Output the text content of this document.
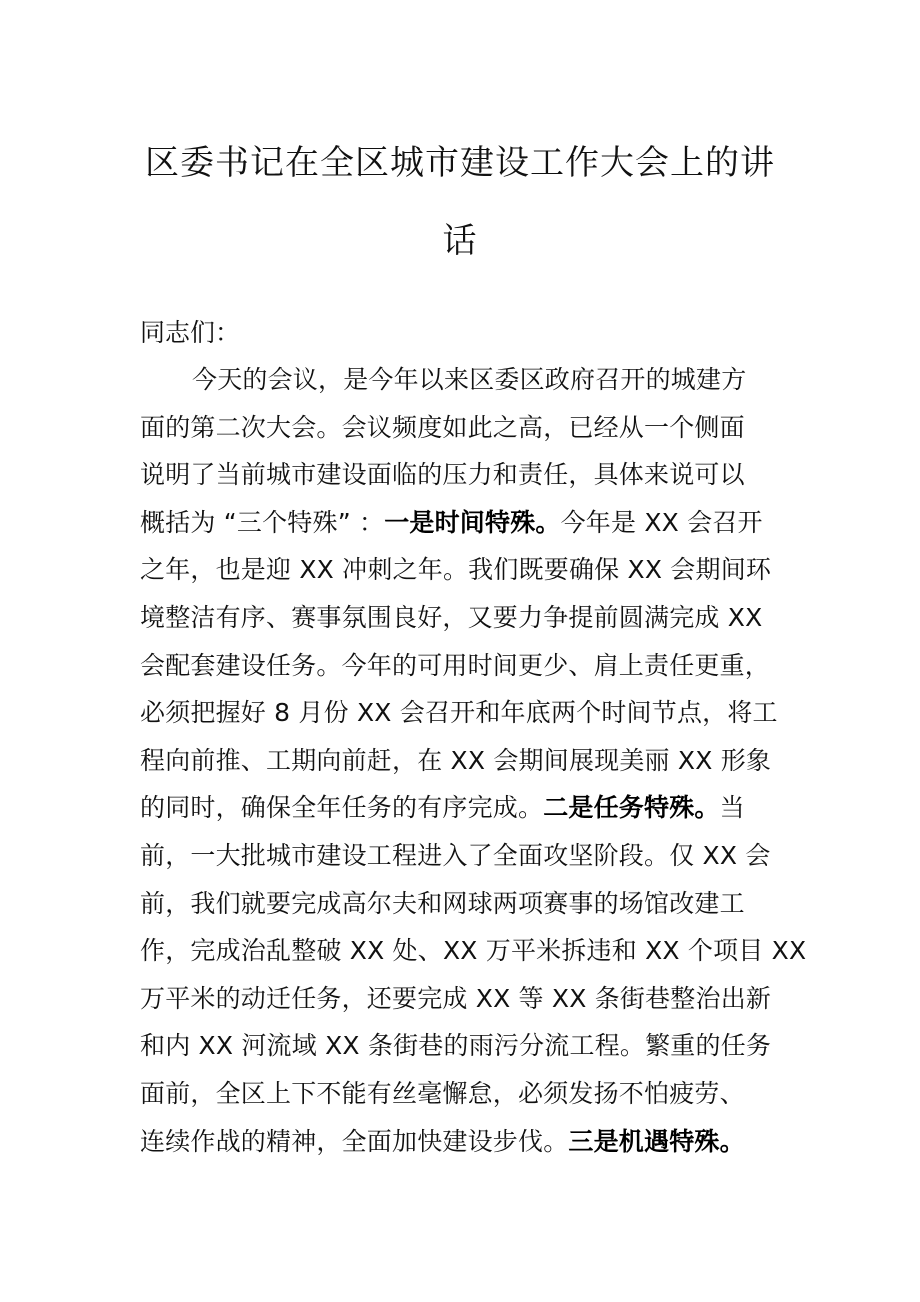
区委书记在全区城市建设工作大会上的讲
话

同志们：

今天的会议，是今年以来区委区政府召开的城建方
面的第二次大会。会议频度如此之高，已经从一个侧面
说明了当前城市建设面临的压力和责任，具体来说可以
概括为 “三个特殊” ：一是时间特殊。今年是 XX 会召开
之年，也是迎 XX 冲刺之年。我们既要确保 XX 会期间环
境整洁有序、赛事氛围良好，又要力争提前圆满完成 XX
会配套建设任务。今年的可用时间更少、肩上责任更重，
必须把握好 8 月份 XX 会召开和年底两个时间节点，将工
程向前推、工期向前赶，在 XX 会期间展现美丽 XX 形象
的同时，确保全年任务的有序完成。二是任务特殊。当
前，一大批城市建设工程进入了全面攻坚阶段。仅 XX 会
前，我们就要完成高尔夫和网球两项赛事的场馆改建工
作，完成治乱整破 XX 处、XX 万平米拆违和 XX 个项目 XX
万平米的动迁任务，还要完成 XX 等 XX 条街巷整治出新
和内 XX 河流域 XX 条街巷的雨污分流工程。繁重的任务
面前，全区上下不能有丝毫懈怠，必须发扬不怕疲劳、
连续作战的精神，全面加快建设步伐。三是机遇特殊。
